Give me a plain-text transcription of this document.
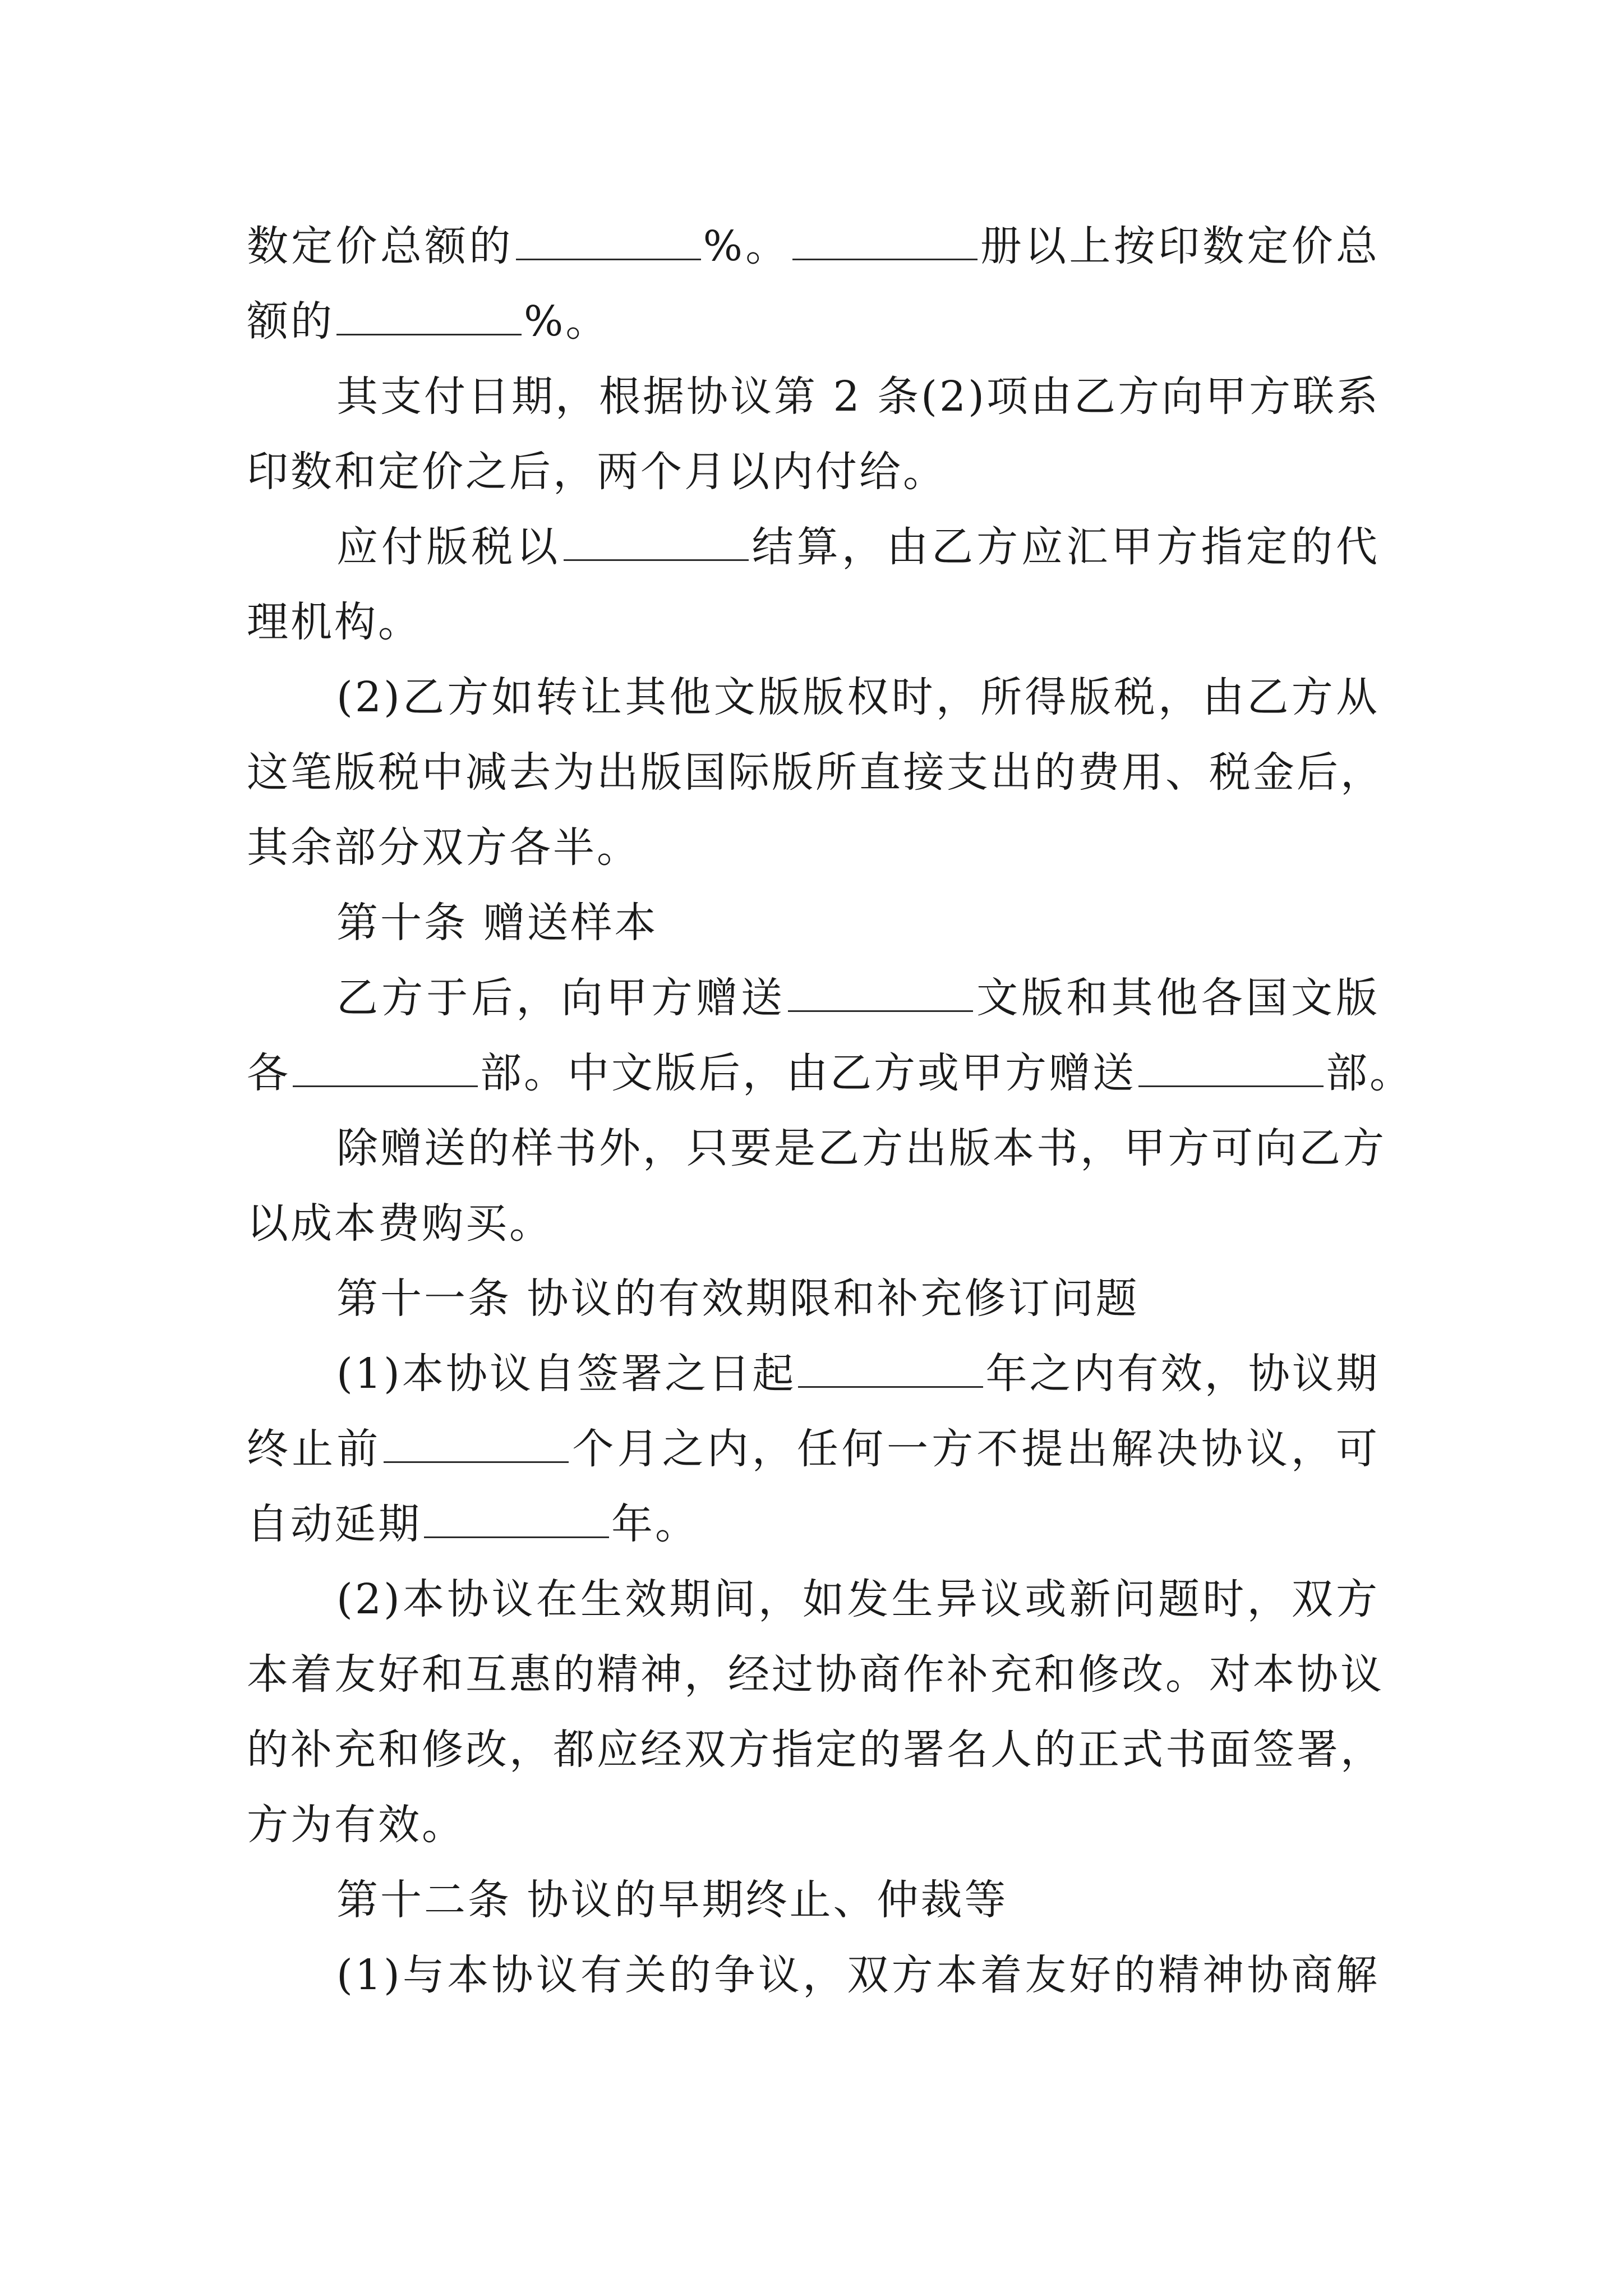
数定价总额的	%。	册以上按印数定价总
额的	%。
其支付日期，根据协议第 2 条(2)项由乙方向甲方联系
印数和定价之后，两个月以内付给。
应付版税以	结算，由乙方应汇甲方指定的代
理机构。
(2)乙方如转让其他文版版权时，所得版税，由乙方从
这笔版税中减去为出版国际版所直接支出的费用、税金后，
其余部分双方各半。
第十条 赠送样本
乙方于后，向甲方赠送	文版和其他各国文版
各	部。中文版后，由乙方或甲方赠送	部。
除赠送的样书外，只要是乙方出版本书，甲方可向乙方
以成本费购买。
第十一条 协议的有效期限和补充修订问题
(1)本协议自签署之日起	年之内有效，协议期
终止前	个月之内，任何一方不提出解决协议，可
自动延期	年。
(2)本协议在生效期间，如发生异议或新问题时，双方
本着友好和互惠的精神，经过协商作补充和修改。对本协议
的补充和修改，都应经双方指定的署名人的正式书面签署，
方为有效。
第十二条 协议的早期终止、仲裁等
(1)与本协议有关的争议，双方本着友好的精神协商解
